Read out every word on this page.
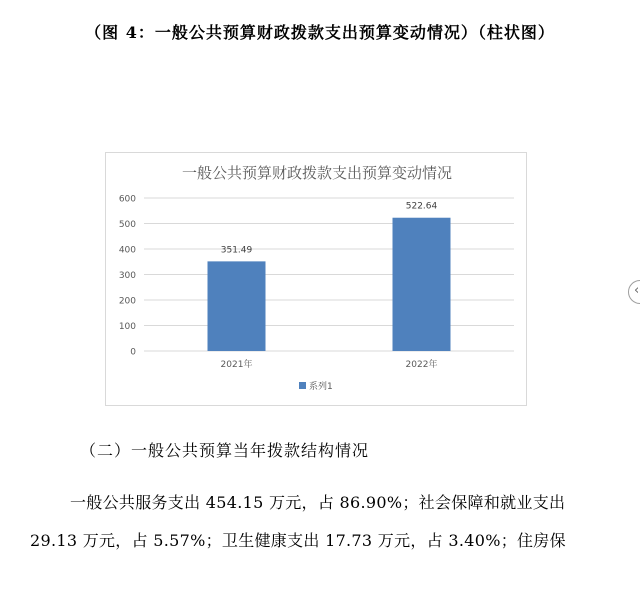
（图 4：一般公共预算财政拨款支出预算变动情况）（柱状图）
一般公共预算财政拨款支出预算变动情况
0
100
200
300
400
500
600
351.49
522.64
2021年	2022年
系列1
（二）一般公共预算当年拨款结构情况
一般公共服务支出 454.15 万元，占 86.90%；社会保障和就业支出
29.13 万元，占 5.57%；卫生健康支出 17.73 万元，占 3.40%；住房保
‹
